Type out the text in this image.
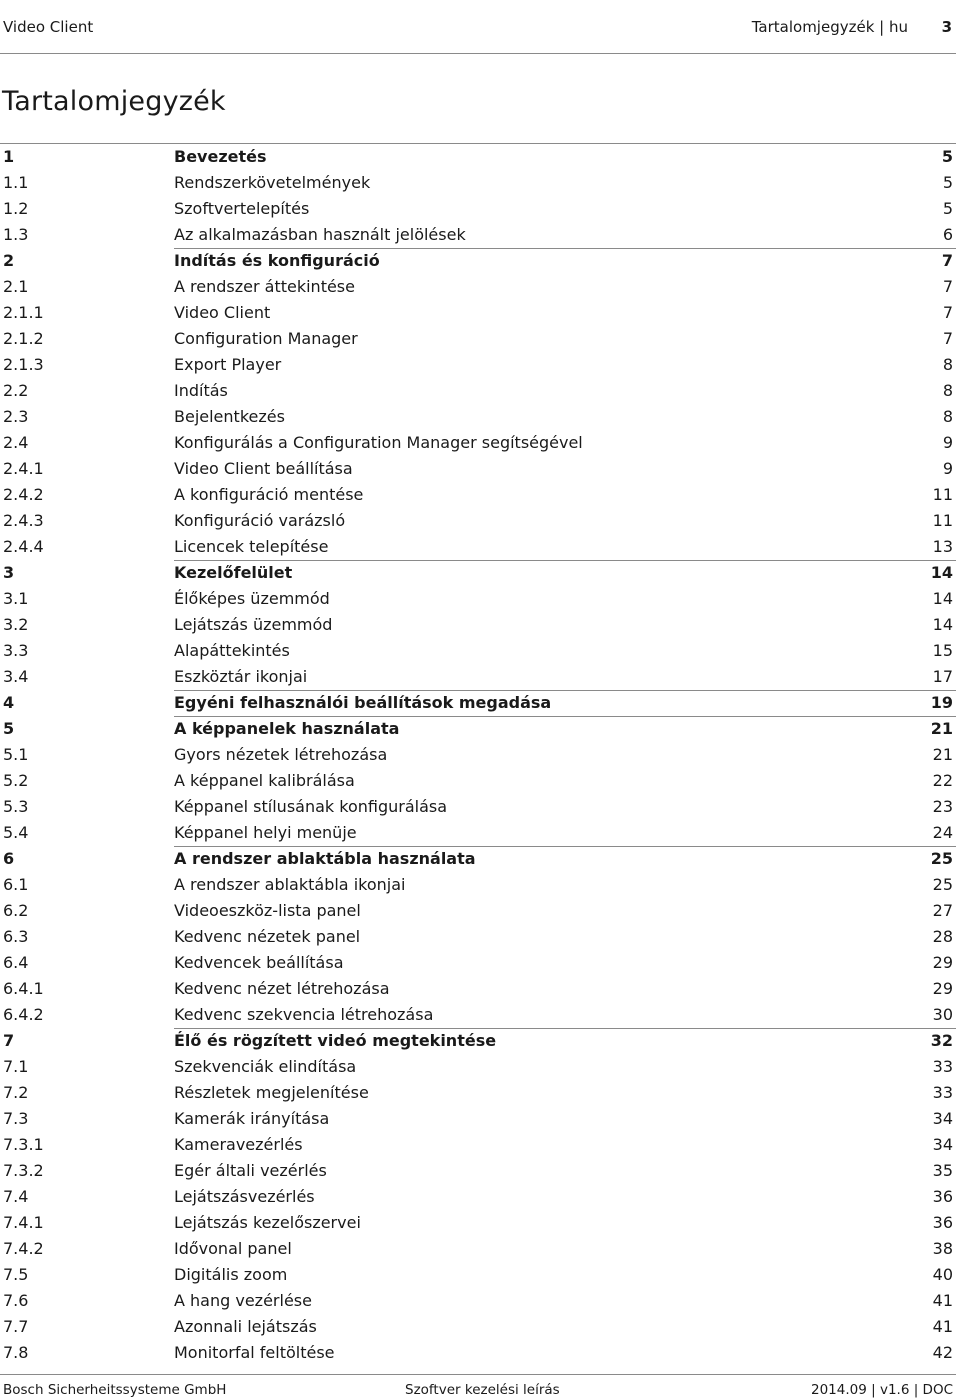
Video Client	Tartalomjegyzék | hu 3
Tartalomjegyzék
1	Bevezetés	5
1.1	Rendszerkövetelmények	5
1.2	Szoftvertelepítés	5
1.3	Az alkalmazásban használt jelölések	6
2	Indítás és konfiguráció	7
2.1	A rendszer áttekintése	7
2.1.1	Video Client	7
2.1.2	Configuration Manager	7
2.1.3	Export Player	8
2.2	Indítás	8
2.3	Bejelentkezés	8
2.4	Konfigurálás a Configuration Manager segítségével	9
2.4.1	Video Client beállítása	9
2.4.2	A konfiguráció mentése	11
2.4.3	Konfiguráció varázsló	11
2.4.4	Licencek telepítése	13
3	Kezelőfelület	14
3.1	Élőképes üzemmód	14
3.2	Lejátszás üzemmód	14
3.3	Alapáttekintés	15
3.4	Eszköztár ikonjai	17
4	Egyéni felhasználói beállítások megadása	19
5	A képpanelek használata	21
5.1	Gyors nézetek létrehozása	21
5.2	A képpanel kalibrálása	22
5.3	Képpanel stílusának konfigurálása	23
5.4	Képpanel helyi menüje	24
6	A rendszer ablaktábla használata	25
6.1	A rendszer ablaktábla ikonjai	25
6.2	Videoeszköz-lista panel	27
6.3	Kedvenc nézetek panel	28
6.4	Kedvencek beállítása	29
6.4.1	Kedvenc nézet létrehozása	29
6.4.2	Kedvenc szekvencia létrehozása	30
7	Élő és rögzített videó megtekintése	32
7.1	Szekvenciák elindítása	33
7.2	Részletek megjelenítése	33
7.3	Kamerák irányítása	34
7.3.1	Kameravezérlés	34
7.3.2	Egér általi vezérlés	35
7.4	Lejátszásvezérlés	36
7.4.1	Lejátszás kezelőszervei	36
7.4.2	Idővonal panel	38
7.5	Digitális zoom	40
7.6	A hang vezérlése	41
7.7	Azonnali lejátszás	41
7.8	Monitorfal feltöltése	42
Bosch Sicherheitssysteme GmbH	Szoftver kezelési leírás	2014.09 | v1.6 | DOC
